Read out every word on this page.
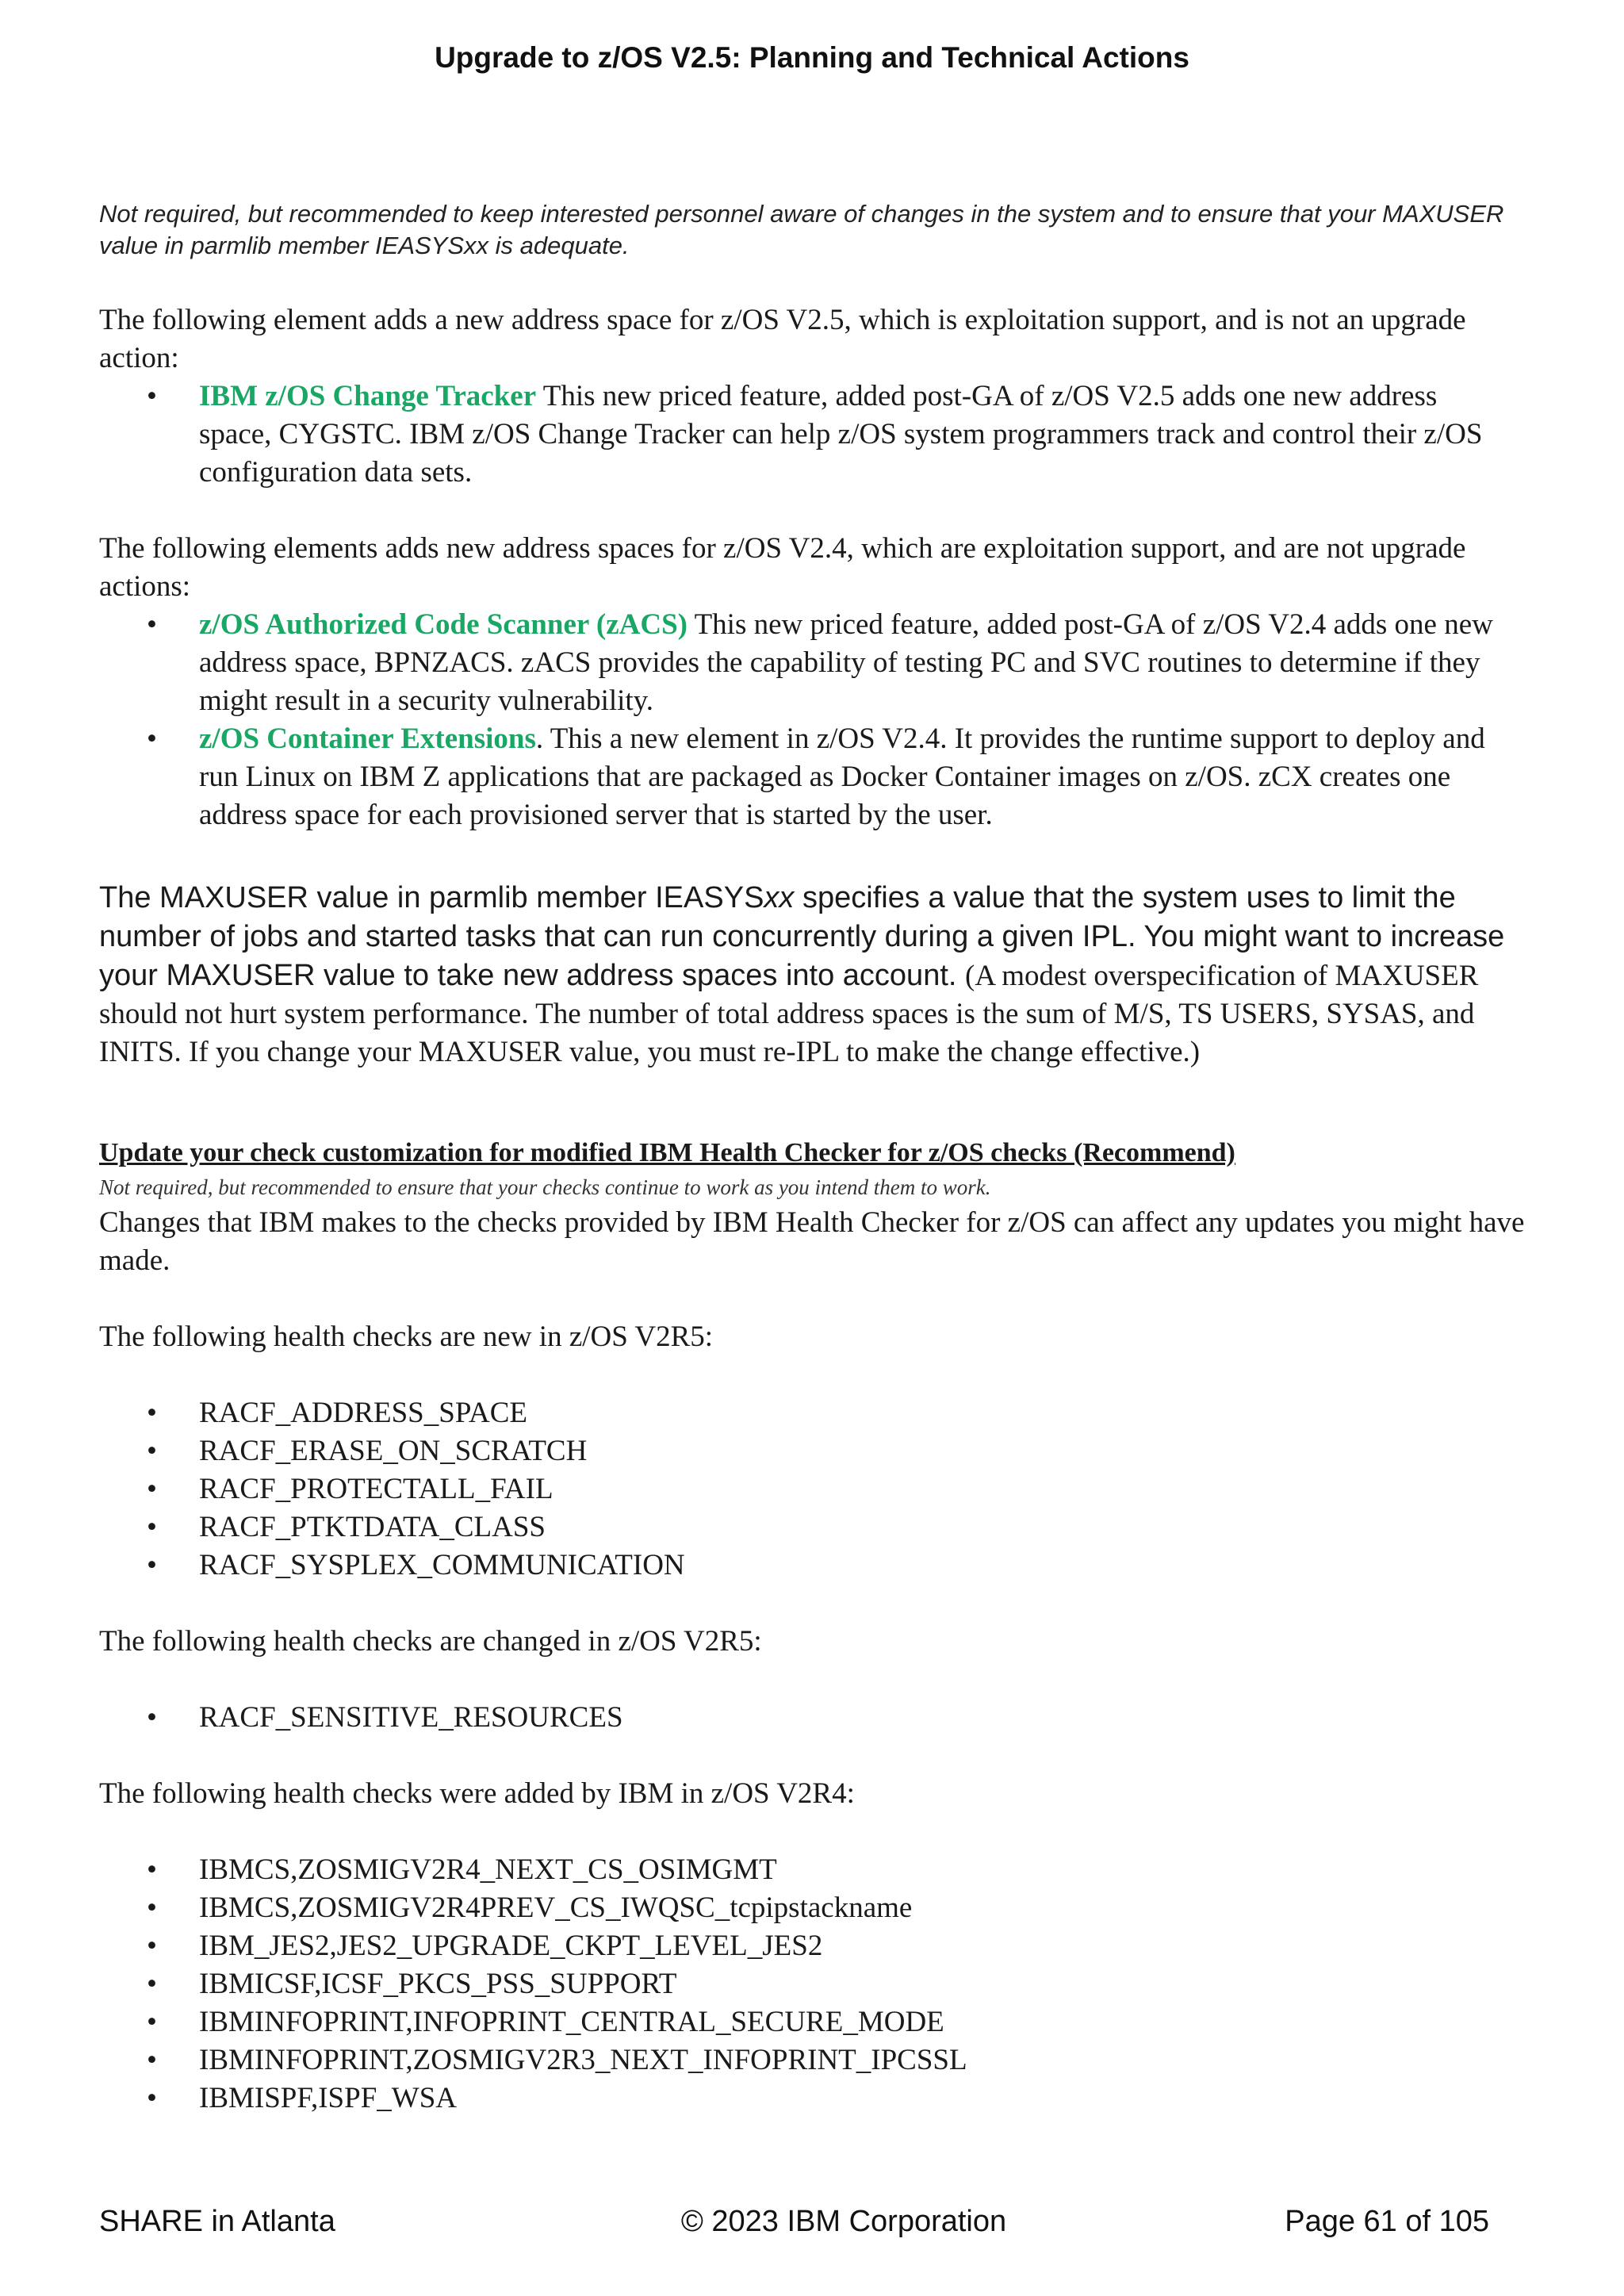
Upgrade to z/OS V2.5: Planning and Technical Actions
Not required, but recommended to keep interested personnel aware of changes in the system and to ensure that your MAXUSER value in parmlib member IEASYSxx is adequate.
The following element adds a new address space for z/OS V2.5, which is exploitation support, and is not an upgrade action:
• IBM z/OS Change Tracker This new priced feature, added post-GA of z/OS V2.5 adds one new address space, CYGSTC. IBM z/OS Change Tracker can help z/OS system programmers track and control their z/OS configuration data sets.
The following elements adds new address spaces for z/OS V2.4, which are exploitation support, and are not upgrade actions:
• z/OS Authorized Code Scanner (zACS) This new priced feature, added post-GA of z/OS V2.4 adds one new address space, BPNZACS. zACS provides the capability of testing PC and SVC routines to determine if they might result in a security vulnerability.
• z/OS Container Extensions. This a new element in z/OS V2.4. It provides the runtime support to deploy and run Linux on IBM Z applications that are packaged as Docker Container images on z/OS. zCX creates one address space for each provisioned server that is started by the user.
The MAXUSER value in parmlib member IEASYSxx specifies a value that the system uses to limit the number of jobs and started tasks that can run concurrently during a given IPL. You might want to increase your MAXUSER value to take new address spaces into account. (A modest overspecification of MAXUSER should not hurt system performance. The number of total address spaces is the sum of M/S, TS USERS, SYSAS, and INITS. If you change your MAXUSER value, you must re-IPL to make the change effective.)
Update your check customization for modified IBM Health Checker for z/OS checks (Recommend)
Not required, but recommended to ensure that your checks continue to work as you intend them to work.
Changes that IBM makes to the checks provided by IBM Health Checker for z/OS can affect any updates you might have made.
The following health checks are new in z/OS V2R5:
• RACF_ADDRESS_SPACE
• RACF_ERASE_ON_SCRATCH
• RACF_PROTECTALL_FAIL
• RACF_PTKTDATA_CLASS
• RACF_SYSPLEX_COMMUNICATION
The following health checks are changed in z/OS V2R5:
• RACF_SENSITIVE_RESOURCES
The following health checks were added by IBM in z/OS V2R4:
• IBMCS,ZOSMIGV2R4_NEXT_CS_OSIMGMT
• IBMCS,ZOSMIGV2R4PREV_CS_IWQSC_tcpipstackname
• IBM_JES2,JES2_UPGRADE_CKPT_LEVEL_JES2
• IBMICSF,ICSF_PKCS_PSS_SUPPORT
• IBMINFOPRINT,INFOPRINT_CENTRAL_SECURE_MODE
• IBMINFOPRINT,ZOSMIGV2R3_NEXT_INFOPRINT_IPCSSL
• IBMISPF,ISPF_WSA
SHARE in Atlanta	© 2023 IBM Corporation	Page 61 of 105
